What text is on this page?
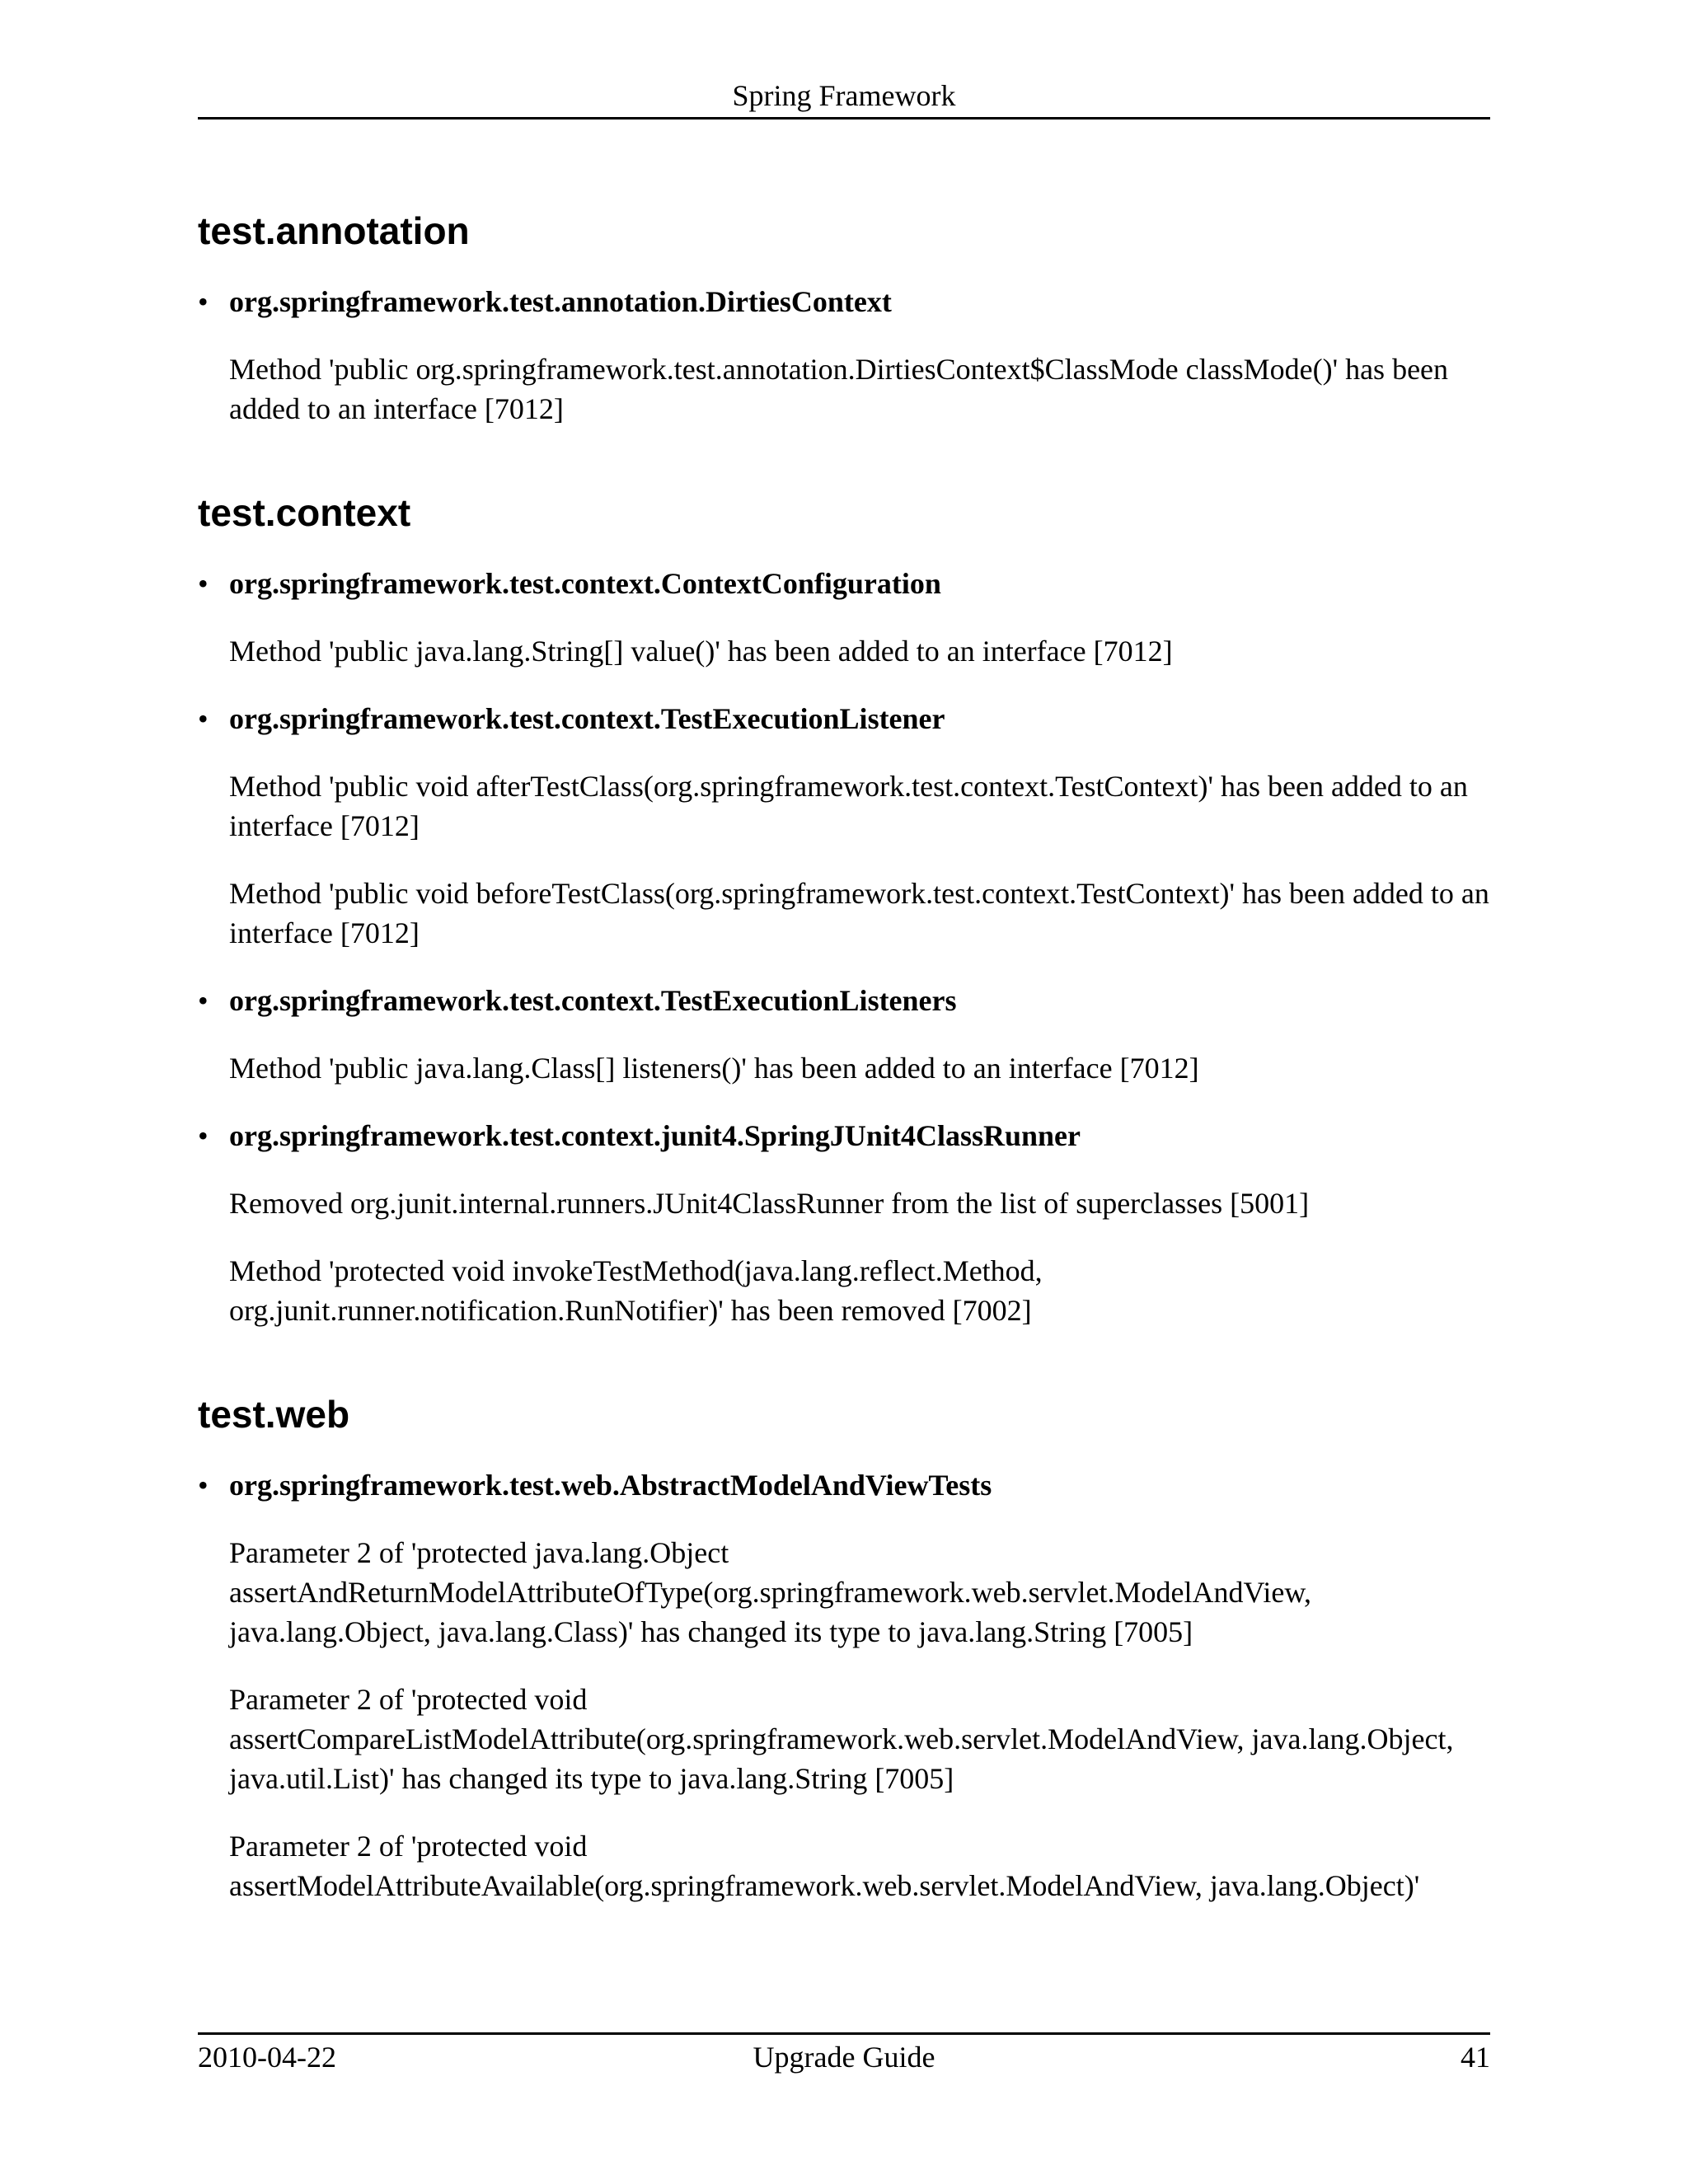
Spring Framework
test.annotation

• org.springframework.test.annotation.DirtiesContext

Method 'public org.springframework.test.annotation.DirtiesContext$ClassMode classMode()' has been added to an interface [7012]

test.context

• org.springframework.test.context.ContextConfiguration

Method 'public java.lang.String[] value()' has been added to an interface [7012]

• org.springframework.test.context.TestExecutionListener

Method 'public void afterTestClass(org.springframework.test.context.TestContext)' has been added to an interface [7012]

Method 'public void beforeTestClass(org.springframework.test.context.TestContext)' has been added to an interface [7012]

• org.springframework.test.context.TestExecutionListeners

Method 'public java.lang.Class[] listeners()' has been added to an interface [7012]

• org.springframework.test.context.junit4.SpringJUnit4ClassRunner

Removed org.junit.internal.runners.JUnit4ClassRunner from the list of superclasses [5001]

Method 'protected void invokeTestMethod(java.lang.reflect.Method, org.junit.runner.notification.RunNotifier)' has been removed [7002]

test.web

• org.springframework.test.web.AbstractModelAndViewTests

Parameter 2 of 'protected java.lang.Object assertAndReturnModelAttributeOfType(org.springframework.web.servlet.ModelAndView, java.lang.Object, java.lang.Class)' has changed its type to java.lang.String [7005]

Parameter 2 of 'protected void assertCompareListModelAttribute(org.springframework.web.servlet.ModelAndView, java.lang.Object, java.util.List)' has changed its type to java.lang.String [7005]

Parameter 2 of 'protected void assertModelAttributeAvailable(org.springframework.web.servlet.ModelAndView, java.lang.Object)'

Upgrade Guide
2010-04-22	41
